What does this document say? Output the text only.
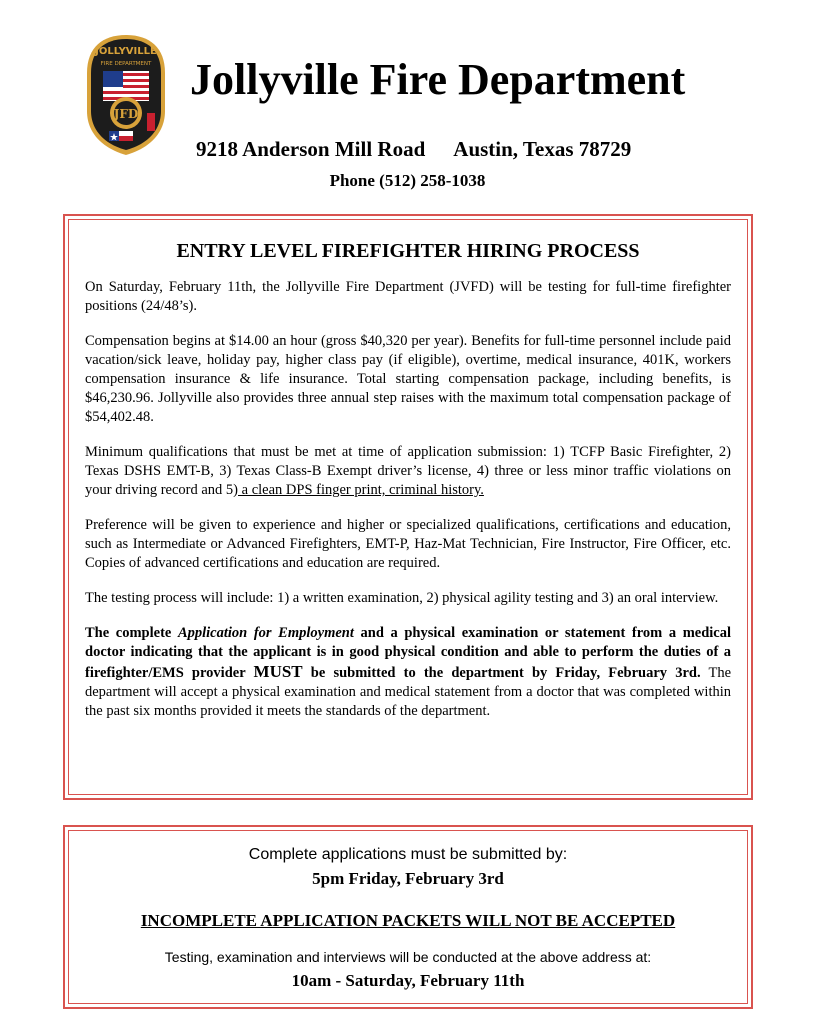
JOLLYVILLE
FIRE DEPARTMENT
JFD
Jollyville Fire Department
9218 Anderson Mill Road Austin, Texas 78729
Phone (512) 258-1038
ENTRY LEVEL FIREFIGHTER HIRING PROCESS

On Saturday, February 11th, the Jollyville Fire Department (JVFD) will be testing for full-time firefighter positions (24/48’s).

Compensation begins at $14.00 an hour (gross $40,320 per year). Benefits for full-time personnel include paid vacation/sick leave, holiday pay, higher class pay (if eligible), overtime, medical insurance, 401K, workers compensation insurance & life insurance. Total starting compensation package, including benefits, is $46,230.96. Jollyville also provides three annual step raises with the maximum total compensation package of $54,402.48.

Minimum qualifications that must be met at time of application submission: 1) TCFP Basic Firefighter, 2) Texas DSHS EMT-B, 3) Texas Class-B Exempt driver’s license, 4) three or less minor traffic violations on your driving record and 5) a clean DPS finger print, criminal history.

Preference will be given to experience and higher or specialized qualifications, certifications and education, such as Intermediate or Advanced Firefighters, EMT-P, Haz-Mat Technician, Fire Instructor, Fire Officer, etc. Copies of advanced certifications and education are required.

The testing process will include: 1) a written examination, 2) physical agility testing and 3) an oral interview.

The complete Application for Employment and a physical examination or statement from a medical doctor indicating that the applicant is in good physical condition and able to perform the duties of a firefighter/EMS provider MUST be submitted to the department by Friday, February 3rd. The department will accept a physical examination and medical statement from a doctor that was completed within the past six months provided it meets the standards of the department.

Complete applications must be submitted by:
5pm Friday, February 3rd
INCOMPLETE APPLICATION PACKETS WILL NOT BE ACCEPTED
Testing, examination and interviews will be conducted at the above address at:
10am - Saturday, February 11th
